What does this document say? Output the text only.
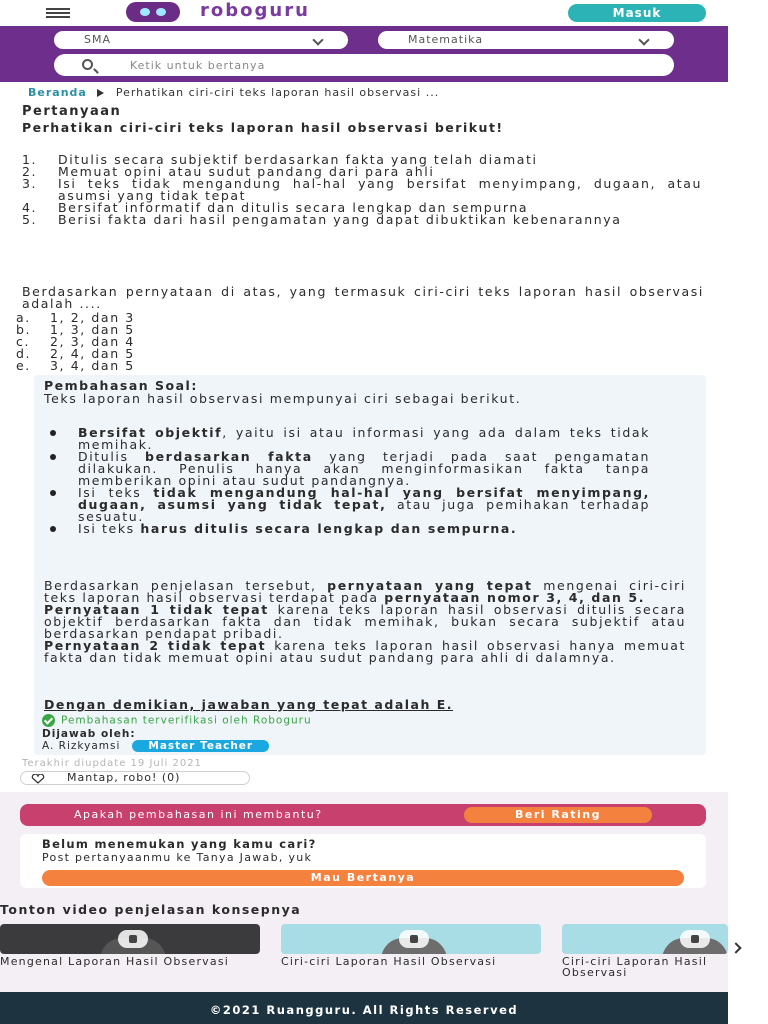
roboguru	Masuk
SMA	Matematika
Ketik untuk bertanya
Beranda	Perhatikan ciri-ciri teks laporan hasil observasi ...
Pertanyaan
Perhatikan ciri-ciri teks laporan hasil observasi berikut!
1.	Ditulis secara subjektif berdasarkan fakta yang telah diamati
2.	Memuat opini atau sudut pandang dari para ahli
3.	Isi teks tidak mengandung hal-hal yang bersifat menyimpang, dugaan, atau asumsi yang tidak tepat
4.	Bersifat informatif dan ditulis secara lengkap dan sempurna
5.	Berisi fakta dari hasil pengamatan yang dapat dibuktikan kebenarannya
Berdasarkan pernyataan di atas, yang termasuk ciri-ciri teks laporan hasil observasi adalah ....
a.	1, 2, dan 3
b.	1, 3, dan 5
c.	2, 3, dan 4
d.	2, 4, dan 5
e.	3, 4, dan 5
Pembahasan Soal:
Teks laporan hasil observasi mempunyai ciri sebagai berikut.
Bersifat objektif, yaitu isi atau informasi yang ada dalam teks tidak memihak.
Ditulis berdasarkan fakta yang terjadi pada saat pengamatan dilakukan. Penulis hanya akan menginformasikan fakta tanpa memberikan opini atau sudut pandangnya.
Isi teks tidak mengandung hal-hal yang bersifat menyimpang, dugaan, asumsi yang tidak tepat, atau juga pemihakan terhadap sesuatu.
Isi teks harus ditulis secara lengkap dan sempurna.

Berdasarkan penjelasan tersebut, pernyataan yang tepat mengenai ciri-ciri teks laporan hasil observasi terdapat pada pernyataan nomor 3, 4, dan 5.

Pernyataan 1 tidak tepat karena teks laporan hasil observasi ditulis secara objektif berdasarkan fakta dan tidak memihak, bukan secara subjektif atau berdasarkan pendapat pribadi.

Pernyataan 2 tidak tepat karena teks laporan hasil observasi hanya memuat fakta dan tidak memuat opini atau sudut pandang para ahli di dalamnya.

Dengan demikian, jawaban yang tepat adalah E.
Pembahasan terverifikasi oleh Roboguru
Dijawab oleh:
A. Rizkyamsi	Master Teacher
Terakhir diupdate 19 Juli 2021
Mantap, robo! (0)
Apakah pembahasan ini membantu?	Beri Rating
Belum menemukan yang kamu cari?
Post pertanyaanmu ke Tanya Jawab, yuk
Mau Bertanya
Tonton video penjelasan konsepnya
Mengenal Laporan Hasil Observasi	Ciri-ciri Laporan Hasil Observasi	Ciri-ciri Laporan Hasil Observasi
©2021 Ruangguru. All Rights Reserved
